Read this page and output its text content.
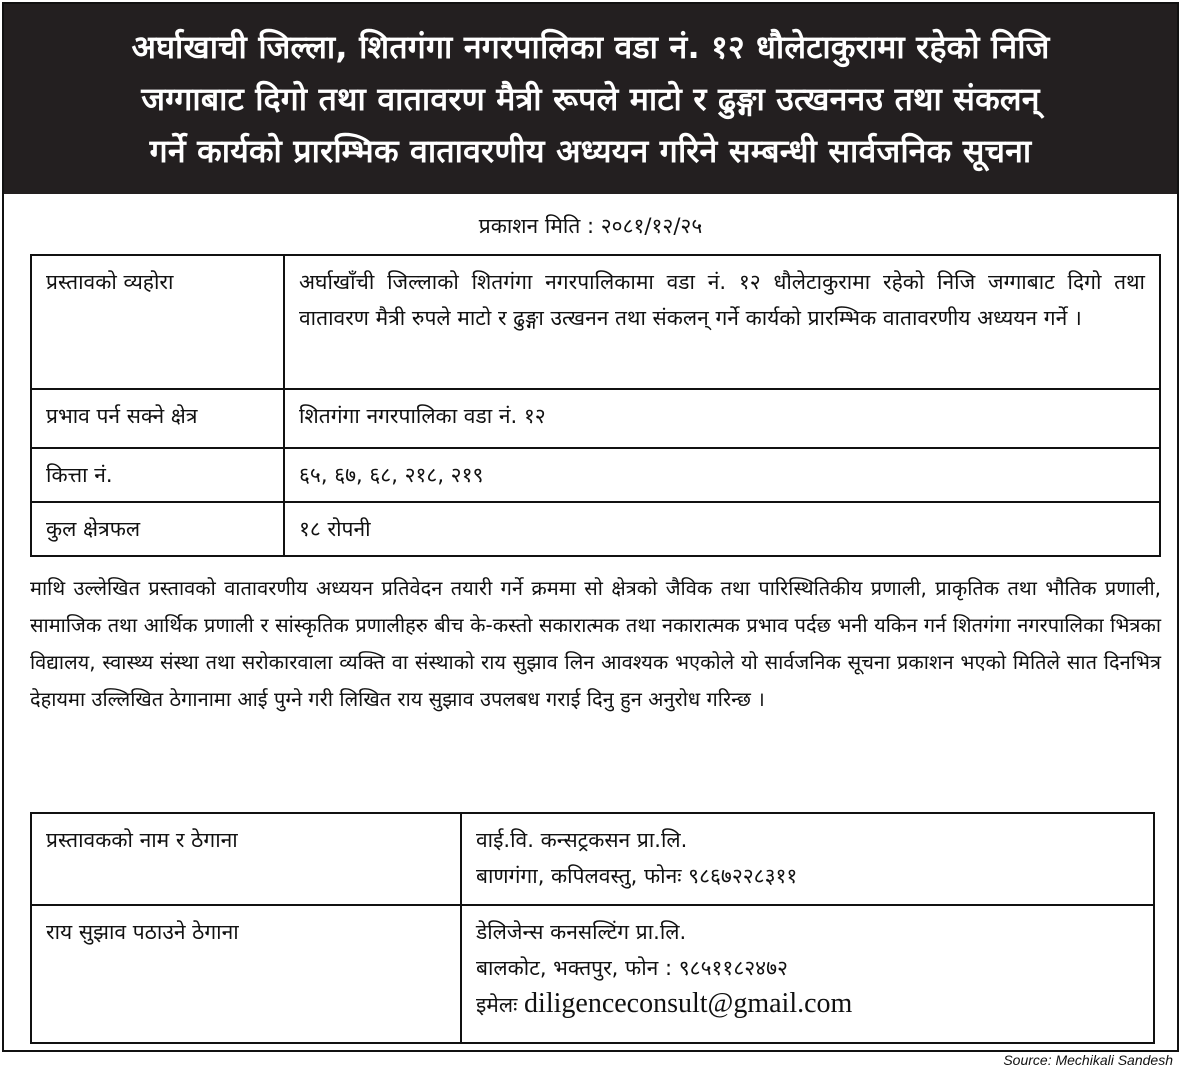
अर्घाखाची जिल्ला, शितगंगा नगरपालिका वडा नं. १२ धौलेटाकुरामा रहेको निजि
जग्गाबाट दिगो तथा वातावरण मैत्री रूपले माटो र ढुङ्गा उत्खननउ तथा संकलन्
गर्ने कार्यको प्रारम्भिक वातावरणीय अध्ययन गरिने सम्बन्धी सार्वजनिक सूचना
प्रकाशन मिति : २०८१/१२/२५
प्रस्तावको व्यहोरा	अर्घाखाँची जिल्लाको शितगंगा नगरपालिकामा वडा नं. १२ धौलेटाकुरामा रहेको निजि जग्गाबाट दिगो तथा वातावरण मैत्री रुपले माटो र ढुङ्गा उत्खनन तथा संकलन् गर्ने कार्यको प्रारम्भिक वातावरणीय अध्ययन गर्ने ।
प्रभाव पर्न सक्ने क्षेत्र	शितगंगा नगरपालिका वडा नं. १२
कित्ता नं.	६५, ६७, ६८, २१८, २१९
कुल क्षेत्रफल	१८ रोपनी
माथि उल्लेखित प्रस्तावको वातावरणीय अध्ययन प्रतिवेदन तयारी गर्ने क्रममा सो क्षेत्रको जैविक तथा पारिस्थितिकीय प्रणाली, प्राकृतिक तथा भौतिक प्रणाली, सामाजिक तथा आर्थिक प्रणाली र सांस्कृतिक प्रणालीहरु बीच के-कस्तो सकारात्मक तथा नकारात्मक प्रभाव पर्दछ भनी यकिन गर्न शितगंगा नगरपालिका भित्रका विद्यालय, स्वास्थ्य संस्था तथा सरोकारवाला व्यक्ति वा संस्थाको राय सुझाव लिन आवश्यक भएकोले यो सार्वजनिक सूचना प्रकाशन भएको मितिले सात दिनभित्र देहायमा उल्लिखित ठेगानामा आई पुग्ने गरी लिखित राय सुझाव उपलबध गराई दिनु हुन अनुरोध गरिन्छ ।
प्रस्तावकको नाम र ठेगाना	वाई.वि. कन्सट्रकसन प्रा.लि.
बाणगंगा, कपिलवस्तु, फोनः ९८६७२२८३११

राय सुझाव पठाउने ठेगाना	डेलिजेन्स कनसल्टिंग प्रा.लि.
बालकोट, भक्तपुर, फोन : ९८५११८२४७२
इमेलः diligenceconsult@gmail.com
Source: Mechikali Sandesh
